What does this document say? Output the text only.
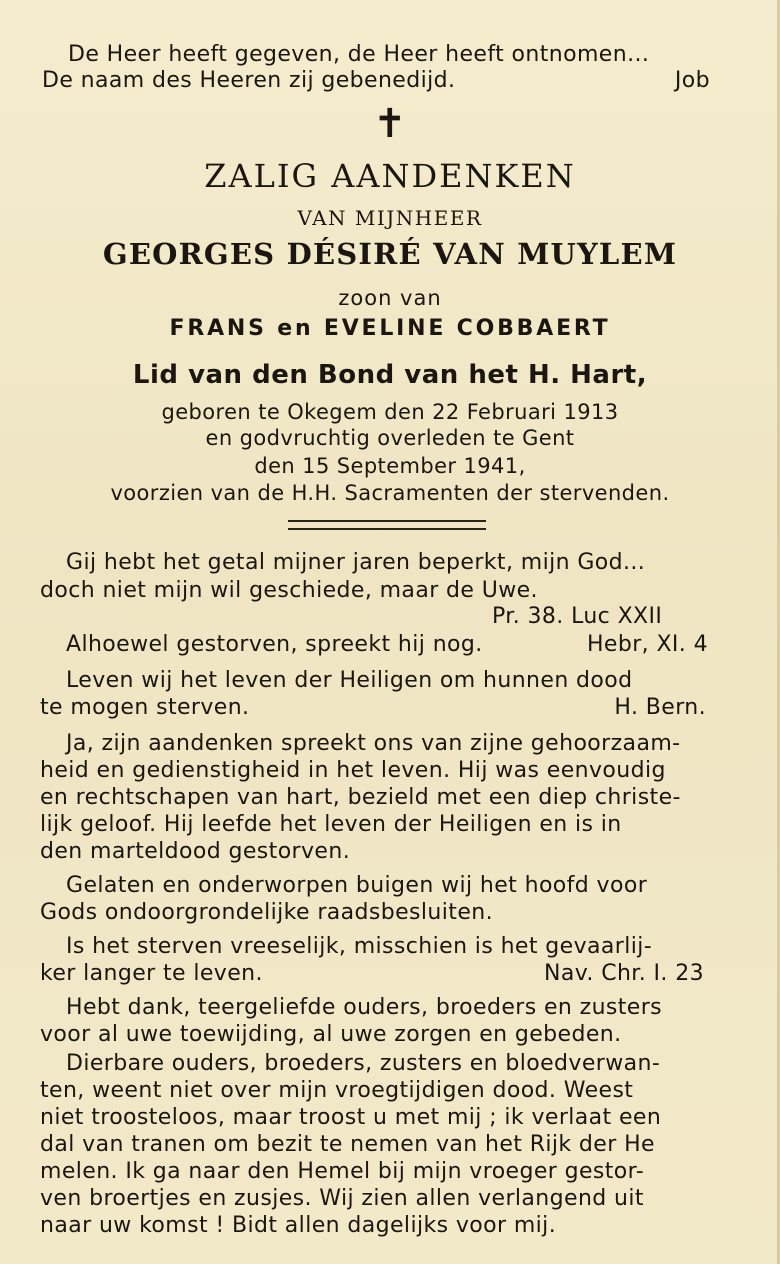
De Heer heeft gegeven, de Heer heeft ontnomen...
De naam des Heeren zij gebenedijd.	Job
✝
ZALIG AANDENKEN
VAN MIJNHEER
GEORGES DÉSIRÉ VAN MUYLEM
zoon van
FRANS en EVELINE COBBAERT
Lid van den Bond van het H. Hart,
geboren te Okegem den 22 Februari 1913
en godvruchtig overleden te Gent
den 15 September 1941,
voorzien van de H.H. Sacramenten der stervenden.
Gij hebt het getal mijner jaren beperkt, mijn God...
doch niet mijn wil geschiede, maar de Uwe.
Pr. 38. Luc XXII
Alhoewel gestorven, spreekt hij nog.	Hebr, XI. 4
Leven wij het leven der Heiligen om hunnen dood
te mogen sterven.	H. Bern.
Ja, zijn aandenken spreekt ons van zijne gehoorzaam-
heid en gedienstigheid in het leven. Hij was eenvoudig
en rechtschapen van hart, bezield met een diep christe-
lijk geloof. Hij leefde het leven der Heiligen en is in
den marteldood gestorven.
Gelaten en onderworpen buigen wij het hoofd voor
Gods ondoorgrondelijke raadsbesluiten.
Is het sterven vreeselijk, misschien is het gevaarlij-
ker langer te leven.	Nav. Chr. I. 23
Hebt dank, teergeliefde ouders, broeders en zusters
voor al uwe toewijding, al uwe zorgen en gebeden.
Dierbare ouders, broeders, zusters en bloedverwan-
ten, weent niet over mijn vroegtijdigen dood. Weest
niet troosteloos, maar troost u met mij ; ik verlaat een
dal van tranen om bezit te nemen van het Rijk der He
melen. Ik ga naar den Hemel bij mijn vroeger gestor-
ven broertjes en zusjes. Wij zien allen verlangend uit
naar uw komst ! Bidt allen dagelijks voor mij.
